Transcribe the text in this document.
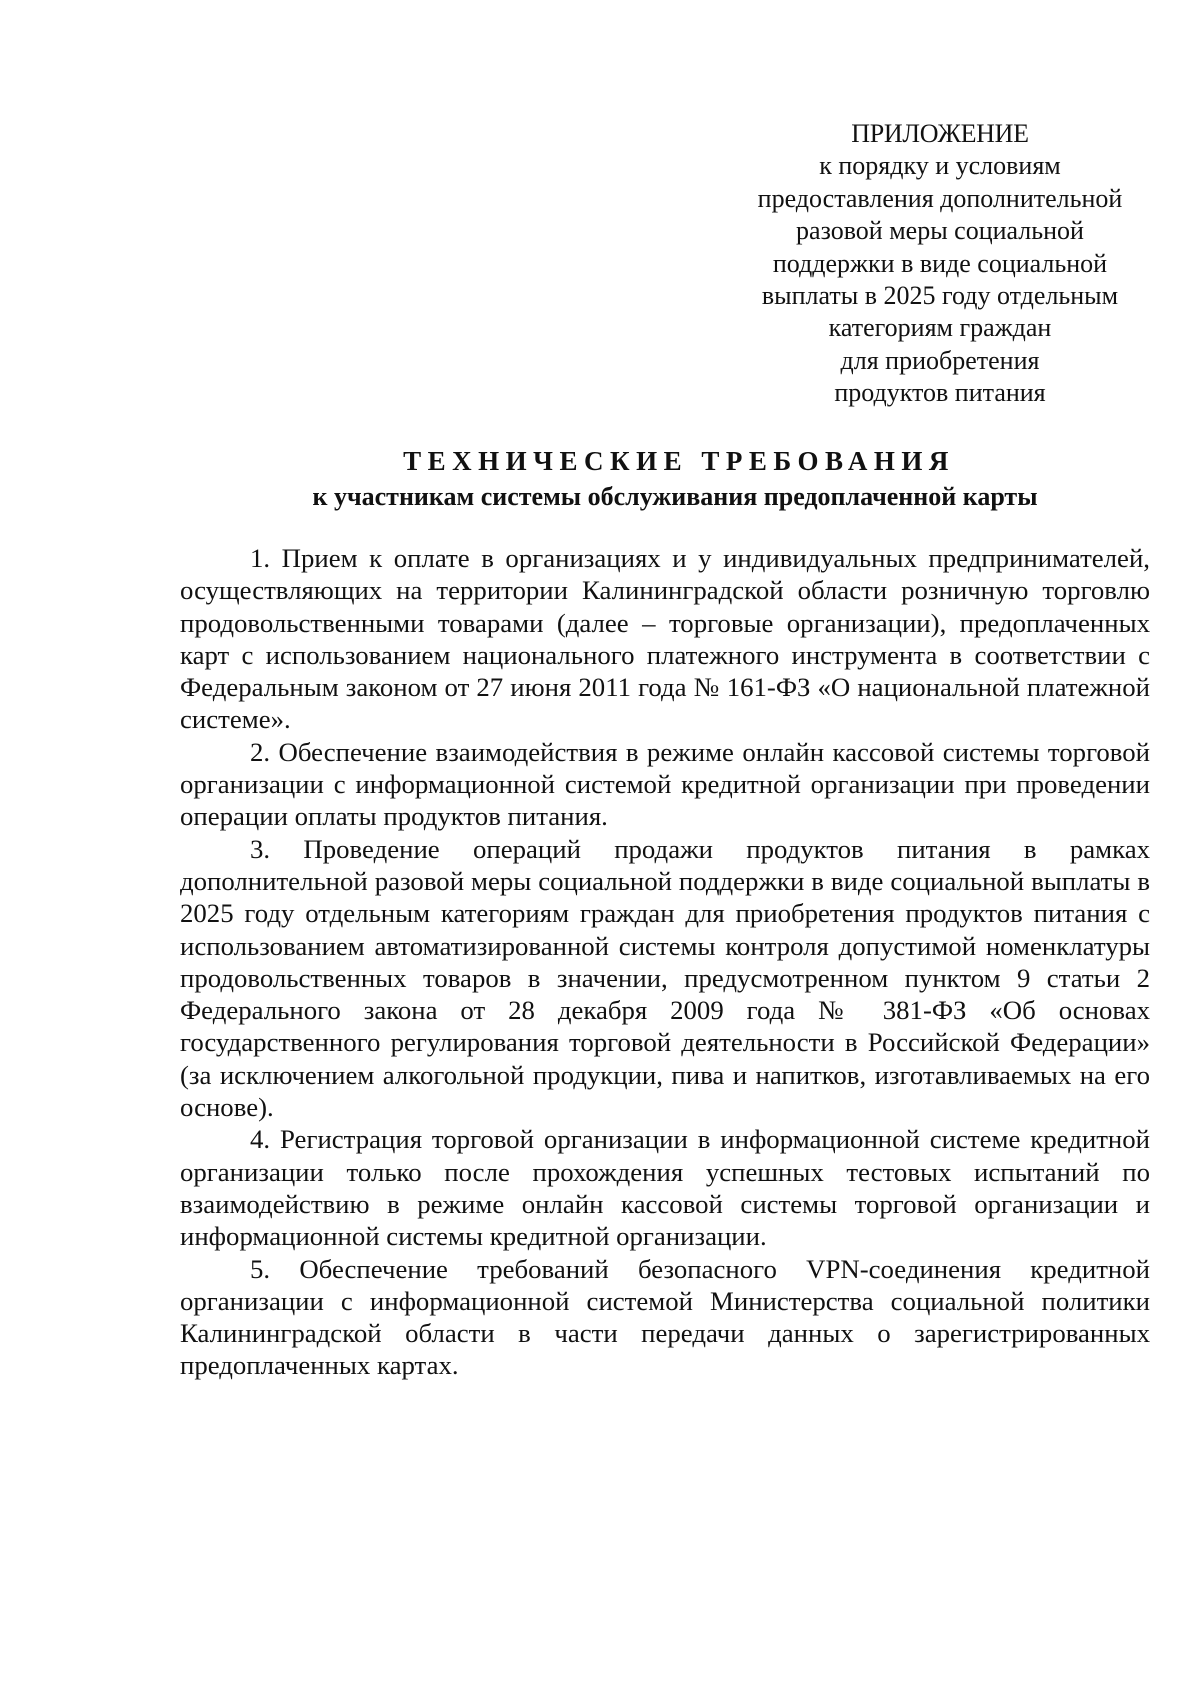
ПРИЛОЖЕНИЕ
к порядку и условиям
предоставления дополнительной
разовой меры социальной
поддержки в виде социальной
выплаты в 2025 году отдельным
категориям граждан
для приобретения
продуктов питания
ТЕХНИЧЕСКИЕ ТРЕБОВАНИЯ
к участникам системы обслуживания предоплаченной карты

1. Прием к оплате в организациях и у индивидуальных предпринимателей, осуществляющих на территории Калининградской области розничную торговлю продовольственными товарами (далее – торговые организации), предоплаченных карт с использованием национального платежного инструмента в соответствии с Федеральным законом от 27 июня 2011 года № 161-ФЗ «О национальной платежной системе».

2. Обеспечение взаимодействия в режиме онлайн кассовой системы торговой организации с информационной системой кредитной организации при проведении операции оплаты продуктов питания.

3. Проведение операций продажи продуктов питания в рамках дополнительной разовой меры социальной поддержки в виде социальной выплаты в 2025 году отдельным категориям граждан для приобретения продуктов питания с использованием автоматизированной системы контроля допустимой номенклатуры продовольственных товаров в значении, предусмотренном пунктом 9 статьи 2 Федерального закона от 28 декабря 2009 года № 381-ФЗ «Об основах государственного регулирования торговой деятельности в Российской Федерации» (за исключением алкогольной продукции, пива и напитков, изготавливаемых на его основе).

4. Регистрация торговой организации в информационной системе кредитной организации только после прохождения успешных тестовых испытаний по взаимодействию в режиме онлайн кассовой системы торговой организации и информационной системы кредитной организации.

5. Обеспечение требований безопасного VPN-соединения кредитной организации с информационной системой Министерства социальной политики Калининградской области в части передачи данных о зарегистрированных предоплаченных картах.
